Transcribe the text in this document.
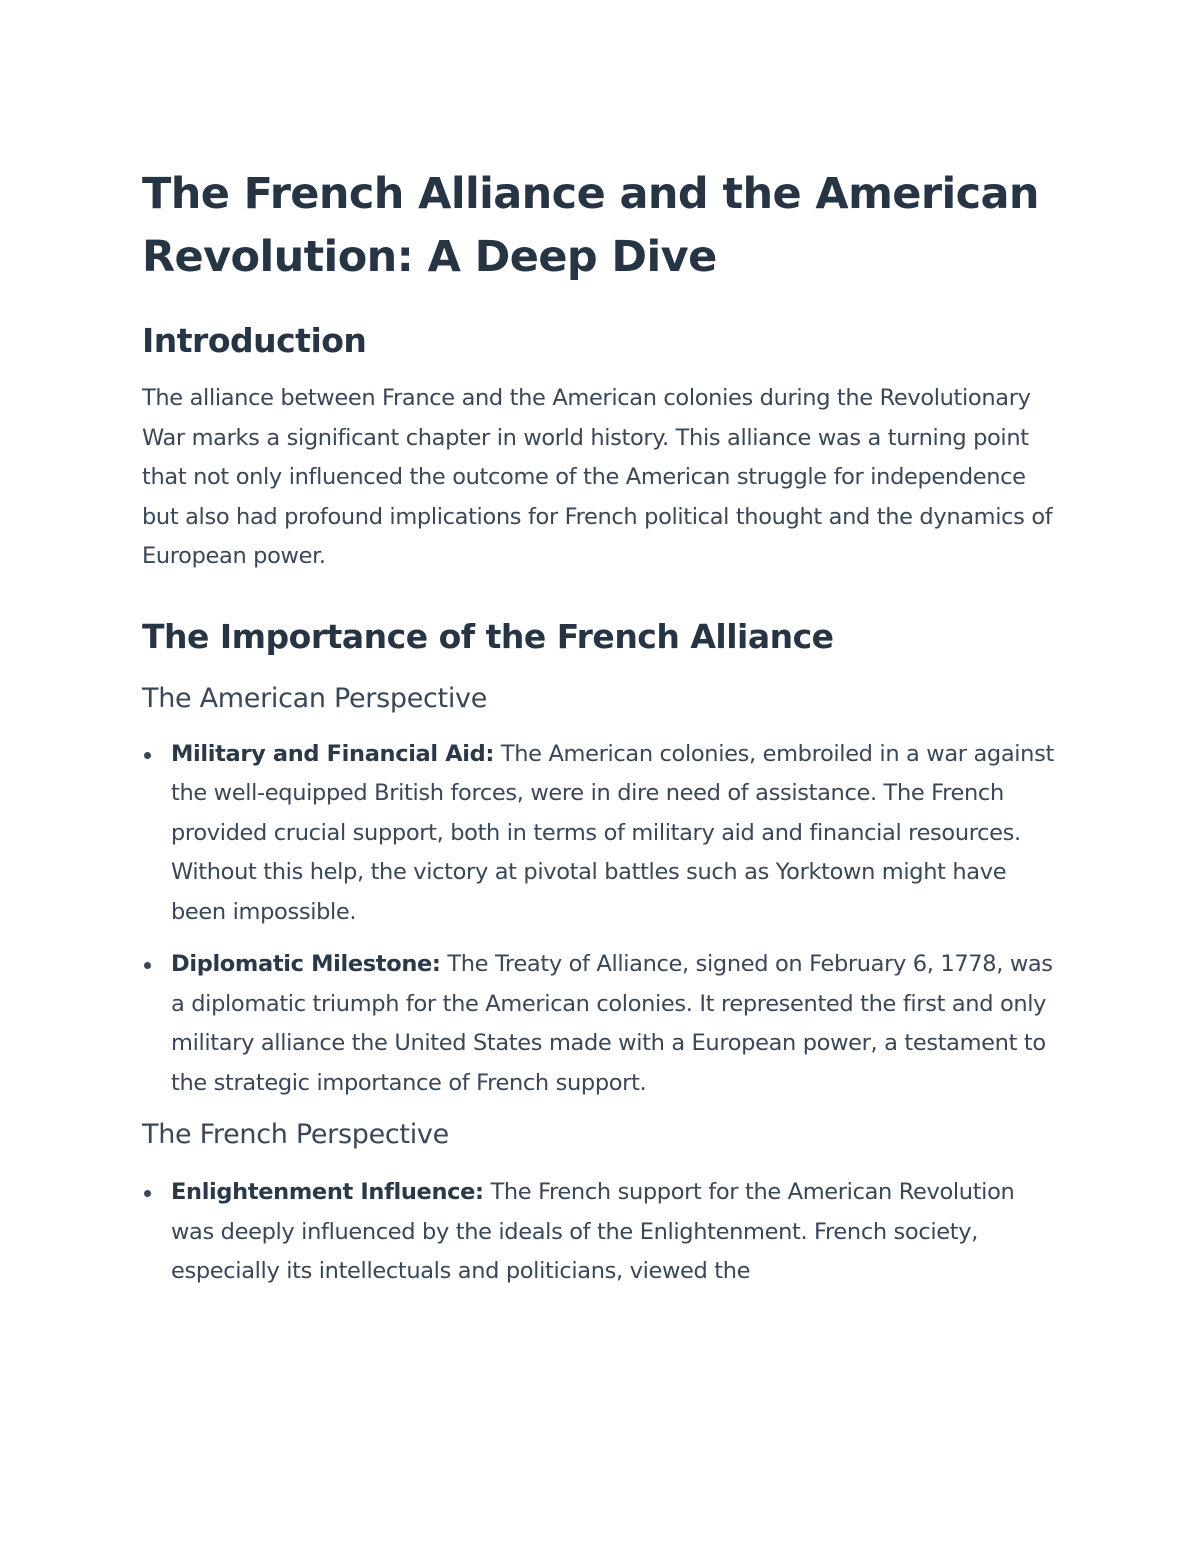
The French Alliance and the American Revolution: A Deep Dive
Introduction

The alliance between France and the American colonies during the Revolutionary War marks a significant chapter in world history. This alliance was a turning point that not only influenced the outcome of the American struggle for independence but also had profound implications for French political thought and the dynamics of European power.

The Importance of the French Alliance
The American Perspective
Military and Financial Aid: The American colonies, embroiled in a war against the well-equipped British forces, were in dire need of assistance. The French provided crucial support, both in terms of military aid and financial resources. Without this help, the victory at pivotal battles such as Yorktown might have been impossible.
Diplomatic Milestone: The Treaty of Alliance, signed on February 6, 1778, was a diplomatic triumph for the American colonies. It represented the first and only military alliance the United States made with a European power, a testament to the strategic importance of French support.
The French Perspective
Enlightenment Influence: The French support for the American Revolution was deeply influenced by the ideals of the Enlightenment. French society, especially its intellectuals and politicians, viewed the
